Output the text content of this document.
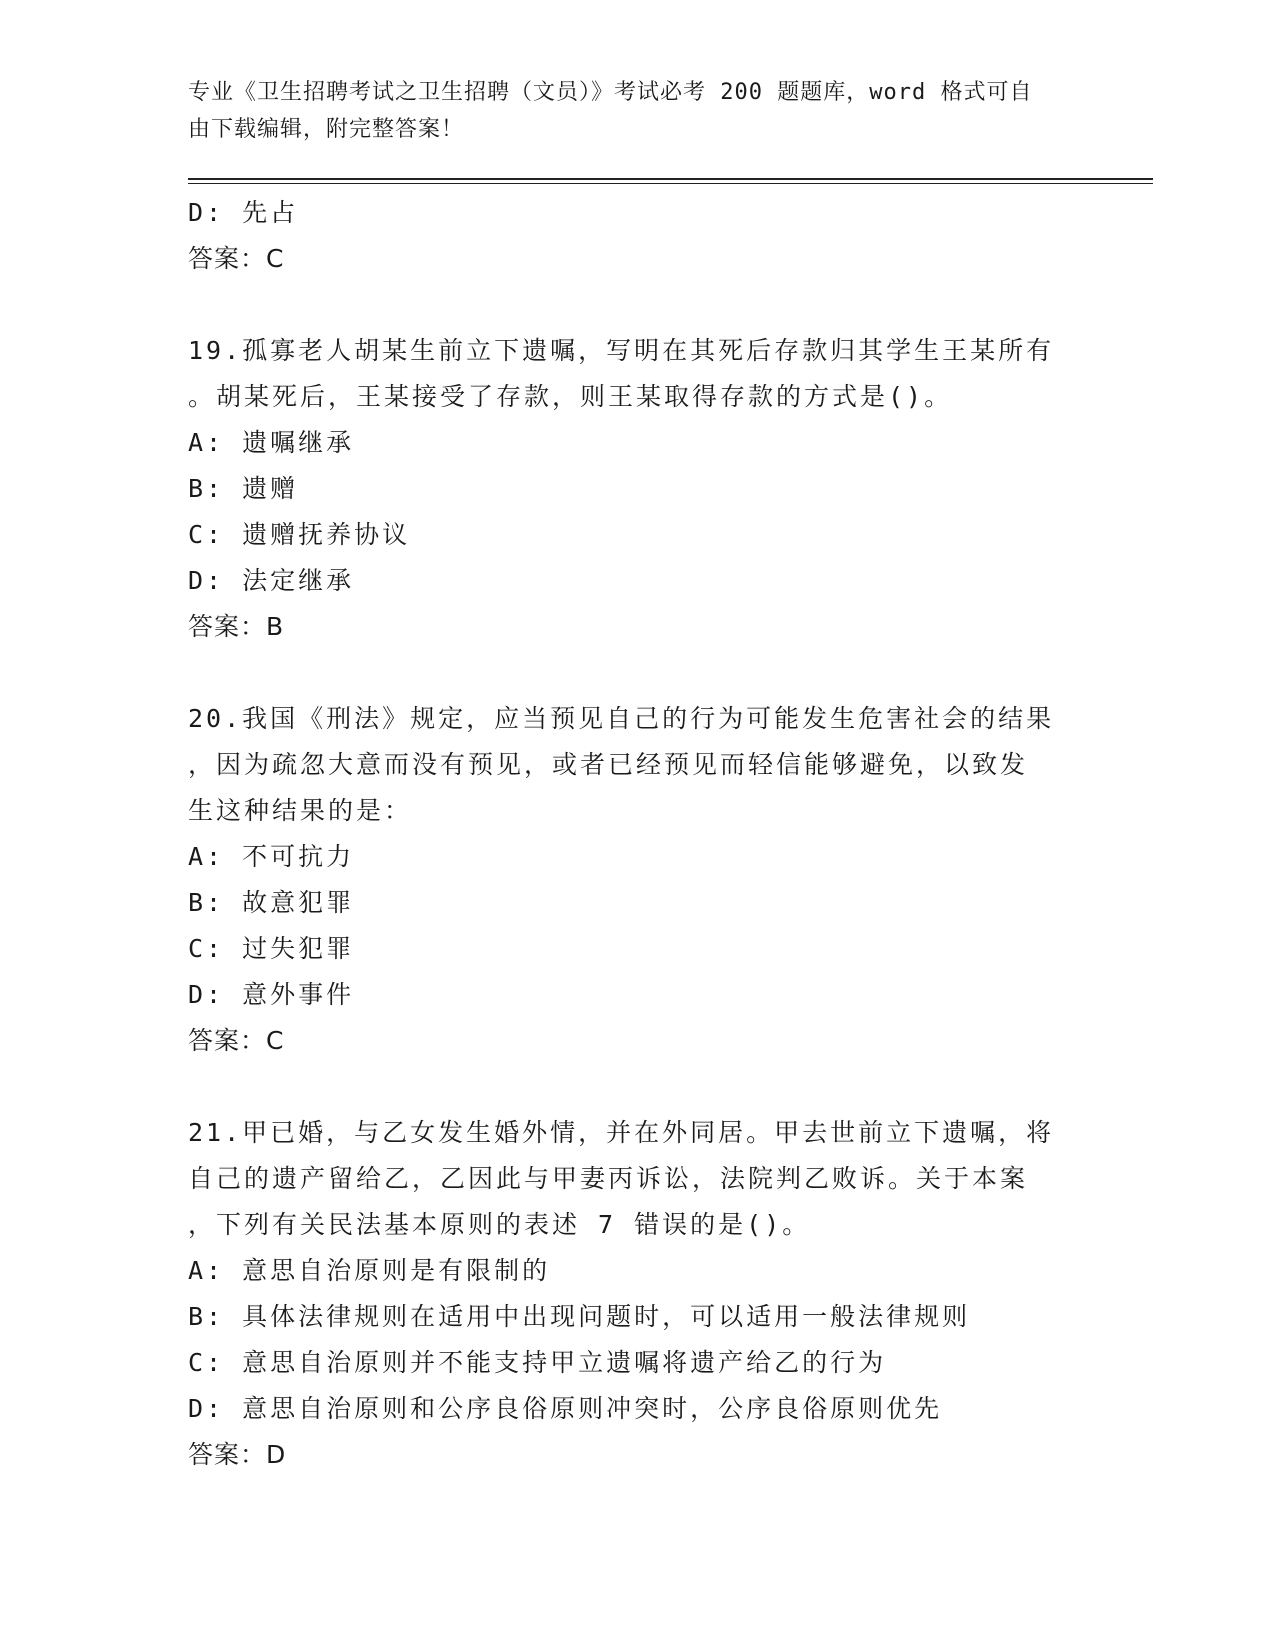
专业《卫生招聘考试之卫生招聘（文员）》考试必考 200 题题库，word 格式可自
由下载编辑，附完整答案！
D: 先占
答案：C
19.孤寡老人胡某生前立下遗嘱，写明在其死后存款归其学生王某所有
。胡某死后，王某接受了存款，则王某取得存款的方式是()。
A: 遗嘱继承
B: 遗赠
C: 遗赠抚养协议
D: 法定继承
答案：B
20.我国《刑法》规定，应当预见自己的行为可能发生危害社会的结果
，因为疏忽大意而没有预见，或者已经预见而轻信能够避免，以致发
生这种结果的是：
A: 不可抗力
B: 故意犯罪
C: 过失犯罪
D: 意外事件
答案：C
21.甲已婚，与乙女发生婚外情，并在外同居。甲去世前立下遗嘱，将
自己的遗产留给乙，乙因此与甲妻丙诉讼，法院判乙败诉。关于本案
，下列有关民法基本原则的表述 7 错误的是()。
A: 意思自治原则是有限制的
B: 具体法律规则在适用中出现问题时，可以适用一般法律规则
C: 意思自治原则并不能支持甲立遗嘱将遗产给乙的行为
D: 意思自治原则和公序良俗原则冲突时，公序良俗原则优先
答案：D
